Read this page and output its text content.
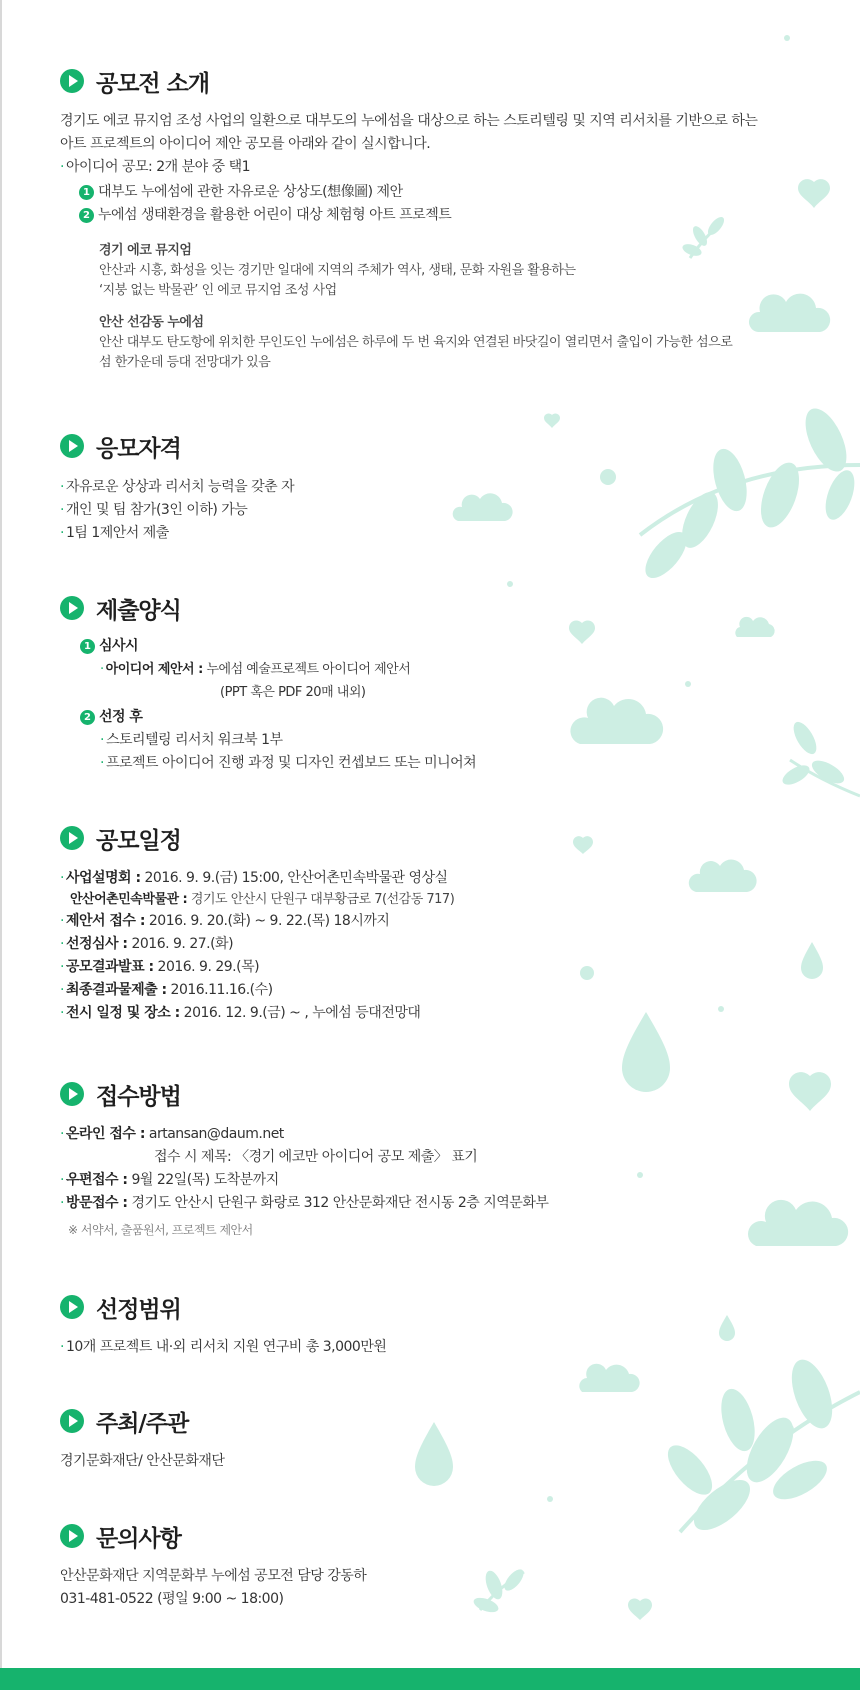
공모전 소개
경기도 에코 뮤지엄 조성 사업의 일환으로 대부도의 누에섬을 대상으로 하는 스토리텔링 및 지역 리서치를 기반으로 하는
아트 프로젝트의 아이디어 제안 공모를 아래와 같이 실시합니다.
· 아이디어 공모: 2개 분야 중 택1
1 대부도 누에섬에 관한 자유로운 상상도(想像圖) 제안
2 누에섬 생태환경을 활용한 어린이 대상 체험형 아트 프로젝트
경기 에코 뮤지엄
안산과 시흥, 화성을 잇는 경기만 일대에 지역의 주체가 역사, 생태, 문화 자원을 활용하는
‘지붕 없는 박물관’ 인 에코 뮤지엄 조성 사업
안산 선감동 누에섬
안산 대부도 탄도항에 위치한 무인도인 누에섬은 하루에 두 번 육지와 연결된 바닷길이 열리면서 출입이 가능한 섬으로
섬 한가운데 등대 전망대가 있음
응모자격
· 자유로운 상상과 리서치 능력을 갖춘 자
· 개인 및 팀 참가(3인 이하) 가능
· 1팀 1제안서 제출
제출양식
1 심사시
· 아이디어 제안서 : 누에섬 예술프로젝트 아이디어 제안서
(PPT 혹은 PDF 20매 내외)
2 선정 후
· 스토리텔링 리서치 워크북 1부
· 프로젝트 아이디어 진행 과정 및 디자인 컨셉보드 또는 미니어쳐
공모일정
· 사업설명회 : 2016. 9. 9.(금) 15:00, 안산어촌민속박물관 영상실
안산어촌민속박물관 : 경기도 안산시 단원구 대부황금로 7(선감동 717)
· 제안서 접수 : 2016. 9. 20.(화) ~ 9. 22.(목) 18시까지
· 선정심사 : 2016. 9. 27.(화)
· 공모결과발표 : 2016. 9. 29.(목)
· 최종결과물제출 : 2016.11.16.(수)
· 전시 일정 및 장소 : 2016. 12. 9.(금) ~ , 누에섬 등대전망대
접수방법
· 온라인 접수 : artansan@daum.net
접수 시 제목: 〈경기 에코만 아이디어 공모 제출〉 표기
· 우편접수 : 9월 22일(목) 도착분까지
· 방문접수 : 경기도 안산시 단원구 화랑로 312 안산문화재단 전시동 2층 지역문화부
※ 서약서, 출품원서, 프로젝트 제안서
선정범위
· 10개 프로젝트 내·외 리서치 지원 연구비 총 3,000만원
주최/주관
경기문화재단/ 안산문화재단
문의사항
안산문화재단 지역문화부 누에섬 공모전 담당 강동하
031-481-0522 (평일 9:00 ~ 18:00)
